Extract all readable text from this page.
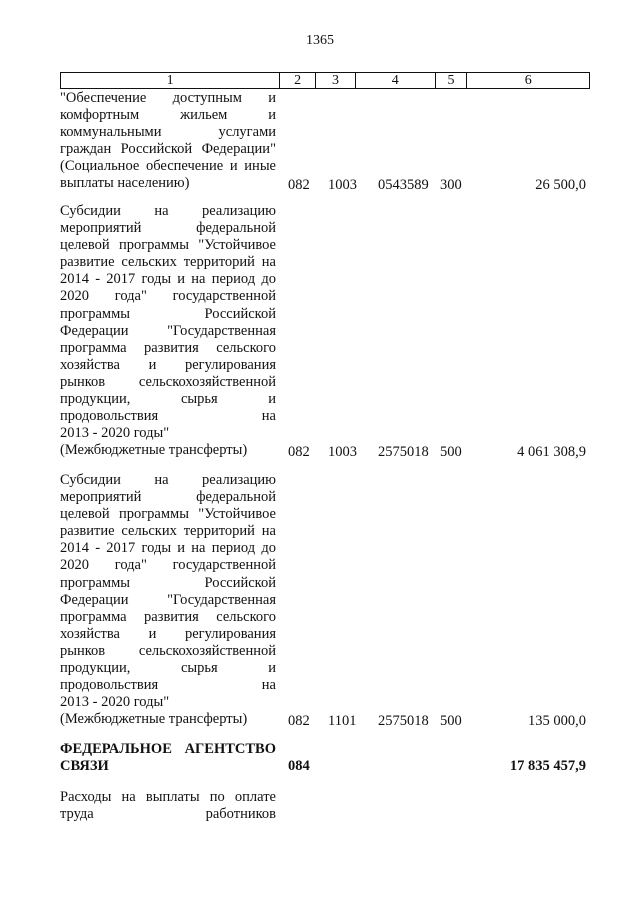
1365
1	2	3	4	5	6
"Обеспечение доступным и
комфортным жильем и
коммунальными услугами
граждан Российской Федерации"
(Социальное обеспечение и иные
выплаты населению)	082 1003 0543589 300	26 500,0
Субсидии на реализацию
мероприятий федеральной
целевой программы "Устойчивое
развитие сельских территорий на
2014 - 2017 годы и на период до
2020 года" государственной
программы Российской
Федерации "Государственная
программа развития сельского
хозяйства и регулирования
рынков сельскохозяйственной
продукции, сырья и
продовольствия на
2013 - 2020 годы"
(Межбюджетные трансферты)	082 1003 2575018 500	4 061 308,9
Субсидии на реализацию
мероприятий федеральной
целевой программы "Устойчивое
развитие сельских территорий на
2014 - 2017 годы и на период до
2020 года" государственной
программы Российской
Федерации "Государственная
программа развития сельского
хозяйства и регулирования
рынков сельскохозяйственной
продукции, сырья и
продовольствия на
2013 - 2020 годы"
(Межбюджетные трансферты)	082 1101 2575018 500	135 000,0
ФЕДЕРАЛЬНОЕ АГЕНТСТВО
СВЯЗИ	084	17 835 457,9
Расходы на выплаты по оплате
труда работников
